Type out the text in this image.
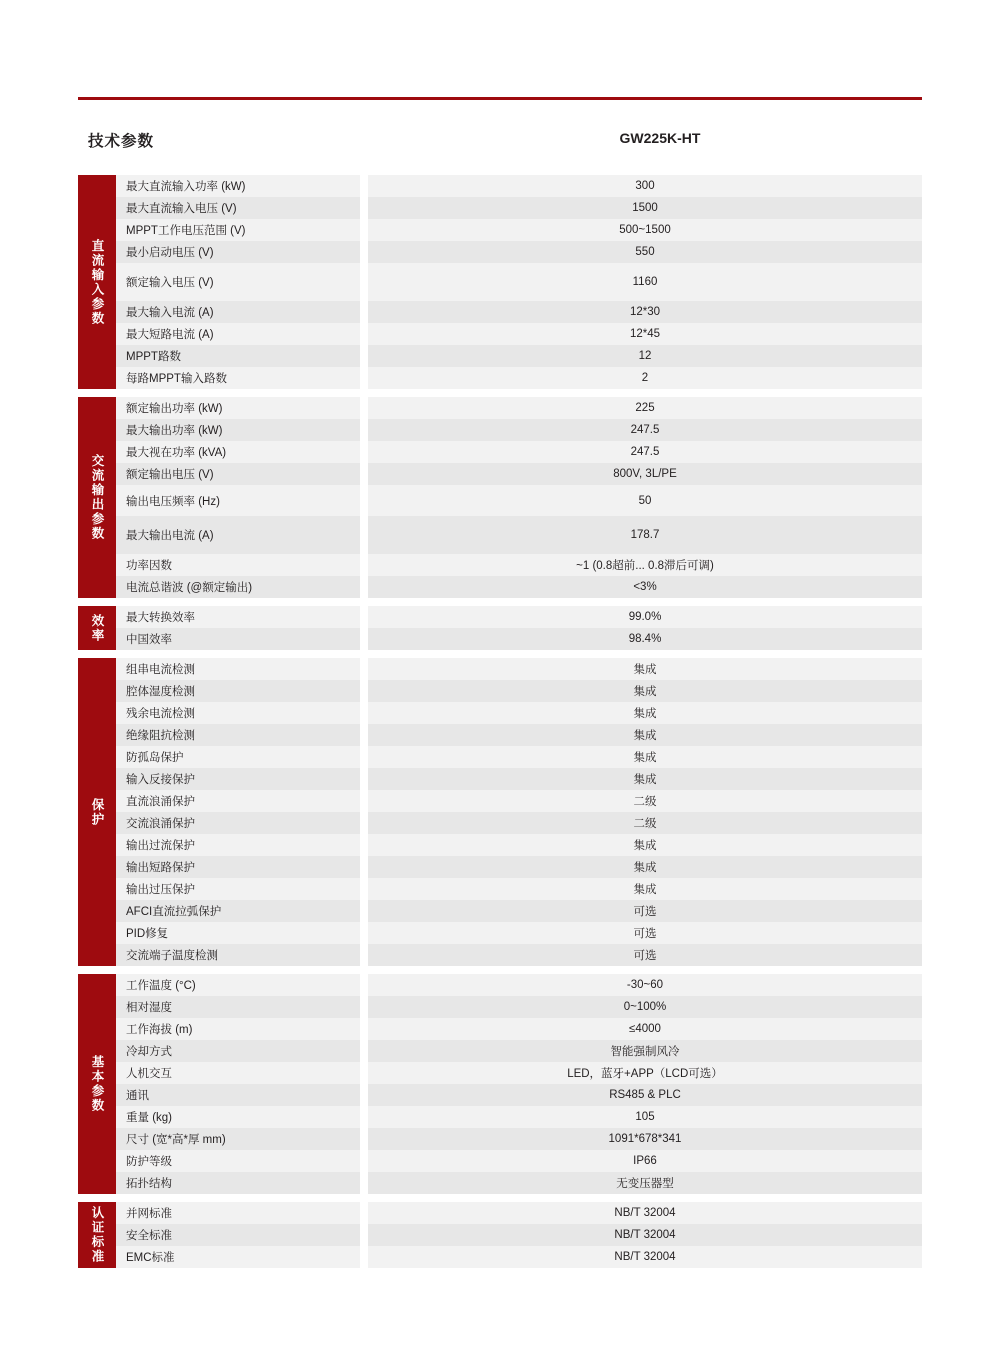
技术参数	GW225K-HT
直流输入参数
最大直流输入功率 (kW)	300
最大直流输入电压 (V)	1500
MPPT工作电压范围 (V)	500~1500
最小启动电压 (V)	550
额定输入电压 (V)	1160
最大输入电流 (A)	12*30
最大短路电流 (A)	12*45
MPPT路数	12
每路MPPT输入路数	2
交流输出参数
额定输出功率 (kW)	225
最大输出功率 (kW)	247.5
最大视在功率 (kVA)	247.5
额定输出电压 (V)	800V, 3L/PE
输出电压频率 (Hz)	50
最大输出电流 (A)	178.7
功率因数	~1 (0.8超前... 0.8滞后可调)
电流总谐波 (@额定输出)	<3%
效率	最大转换效率	99.0%
中国效率	98.4%
保护
组串电流检测	集成
腔体湿度检测	集成
残余电流检测	集成
绝缘阻抗检测	集成
防孤岛保护	集成
输入反接保护	集成
直流浪涌保护	二级
交流浪涌保护	二级
输出过流保护	集成
输出短路保护	集成
输出过压保护	集成
AFCI直流拉弧保护	可选
PID修复	可选
交流端子温度检测	可选
基本参数
工作温度 (°C)	-30~60
相对湿度	0~100%
工作海拔 (m)	≤4000
冷却方式	智能强制风冷
人机交互	LED，蓝牙+APP（LCD可选）
通讯	RS485 & PLC
重量 (kg)	105
尺寸 (宽*高*厚 mm)	1091*678*341
防护等级	IP66
拓扑结构	无变压器型
认证标准	并网标准	NB/T 32004
安全标准	NB/T 32004
EMC标准	NB/T 32004
